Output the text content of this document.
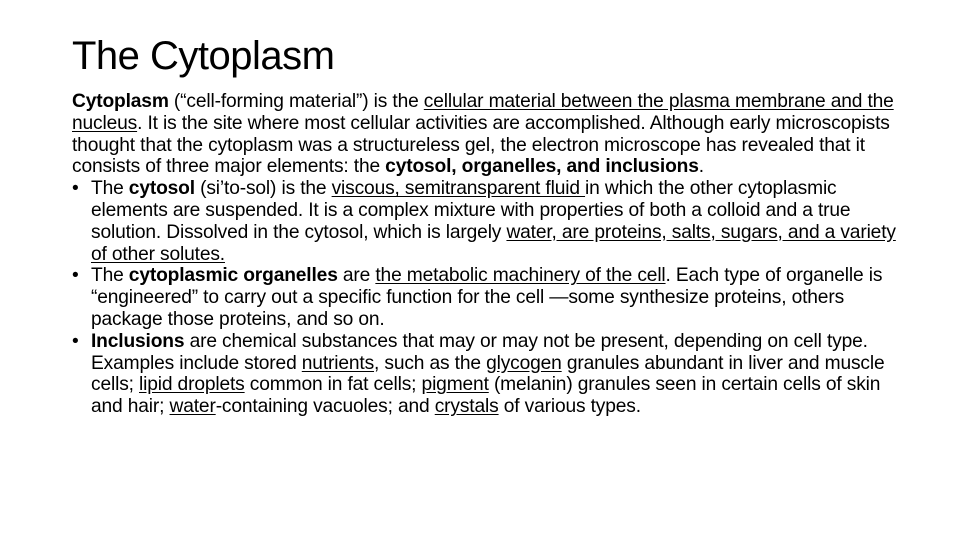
The Cytoplasm

Cytoplasm (“cell-forming material”) is the cellular material between the plasma membrane and the nucleus. It is the site where most cellular activities are accomplished. Although early microscopists thought that the cytoplasm was a structureless gel, the electron microscope has revealed that it consists of three major elements: the cytosol, organelles, and inclusions.

• The cytosol (si’to-sol) is the viscous, semitransparent fluid in which the other cytoplasmic elements are suspended. It is a complex mixture with properties of both a colloid and a true solution. Dissolved in the cytosol, which is largely water, are proteins, salts, sugars, and a variety of other solutes.
• The cytoplasmic organelles are the metabolic machinery of the cell. Each type of organelle is “engineered” to carry out a specific function for the cell —some synthesize proteins, others package those proteins, and so on.
• Inclusions are chemical substances that may or may not be present, depending on cell type. Examples include stored nutrients, such as the glycogen granules abundant in liver and muscle cells; lipid droplets common in fat cells; pigment (melanin) granules seen in certain cells of skin and hair; water-containing vacuoles; and crystals of various types.
